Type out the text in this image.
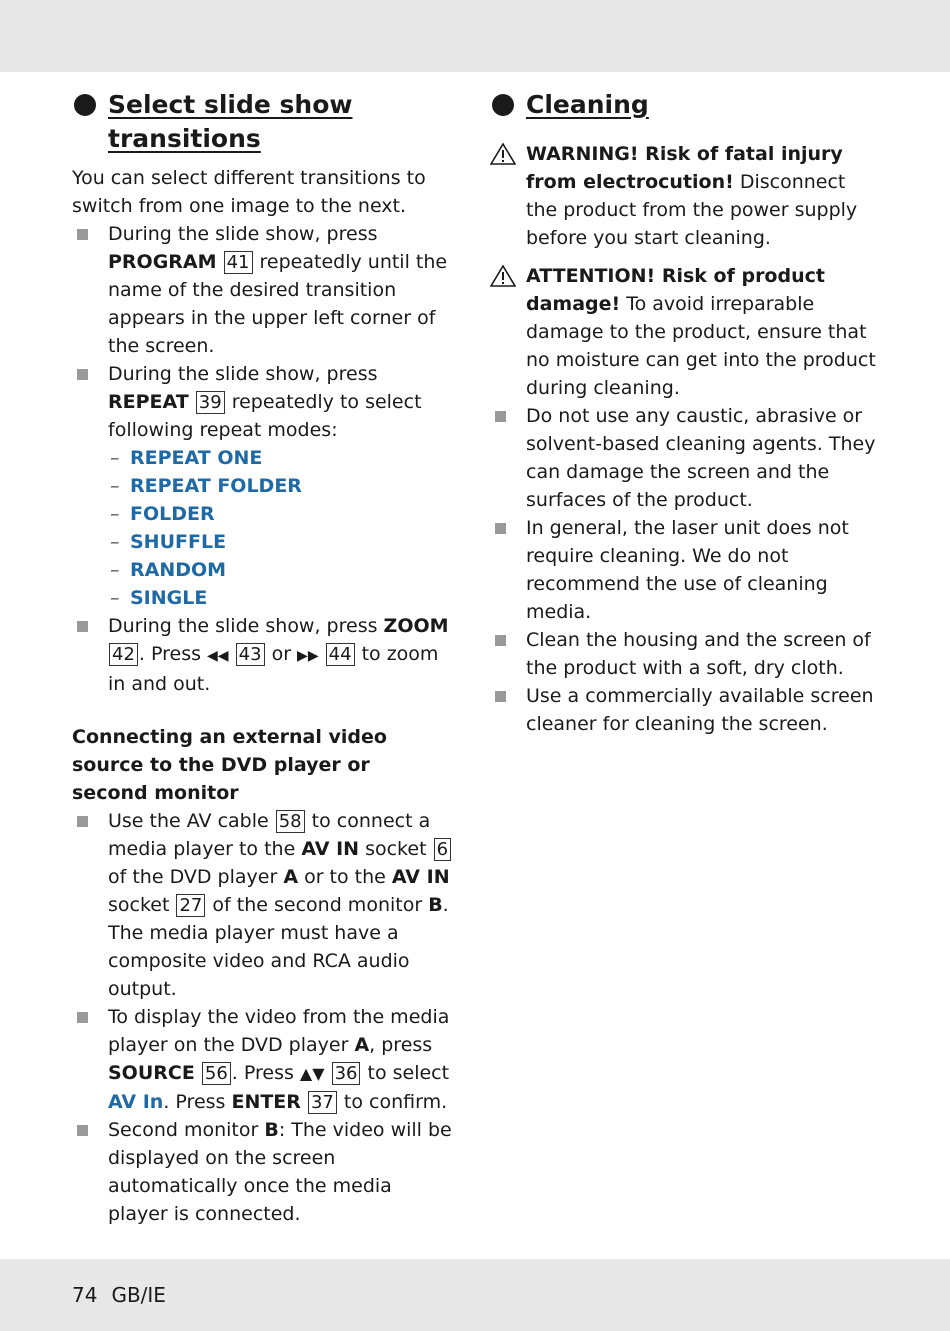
Select slide show
transitions

You can select different transitions to switch from one image to the next.

During the slide show, press PROGRAM 41 repeatedly until the name of the desired transition appears in the upper left corner of the screen.
During the slide show, press REPEAT 39 repeatedly to select following repeat modes:
– REPEAT ONE
– REPEAT FOLDER
– FOLDER
– SHUFFLE
– RANDOM
– SINGLE
During the slide show, press ZOOM 42 . Press ◀◀ 43 or ▶▶ 44 to zoom in and out.

Connecting an external video source to the DVD player or second monitor

Use the AV cable 58 to connect a media player to the AV IN socket 6 of the DVD player A or to the AV IN socket 27 of the second monitor B. The media player must have a composite video and RCA audio output.
To display the video from the media player on the DVD player A, press SOURCE 56 . Press ▲▼ 36 to select AV In. Press ENTER 37 to confirm.
Second monitor B: The video will be displayed on the screen automatically once the media player is connected.
Cleaning
WARNING! Risk of fatal injury from electrocution! Disconnect the product from the power supply before you start cleaning.
ATTENTION! Risk of product damage! To avoid irreparable damage to the product, ensure that no moisture can get into the product during cleaning.
Do not use any caustic, abrasive or solvent-based cleaning agents. They can damage the screen and the surfaces of the product.
In general, the laser unit does not require cleaning. We do not recommend the use of cleaning media.
Clean the housing and the screen of the product with a soft, dry cloth.
Use a commercially available screen cleaner for cleaning the screen.
74 GB/IE
